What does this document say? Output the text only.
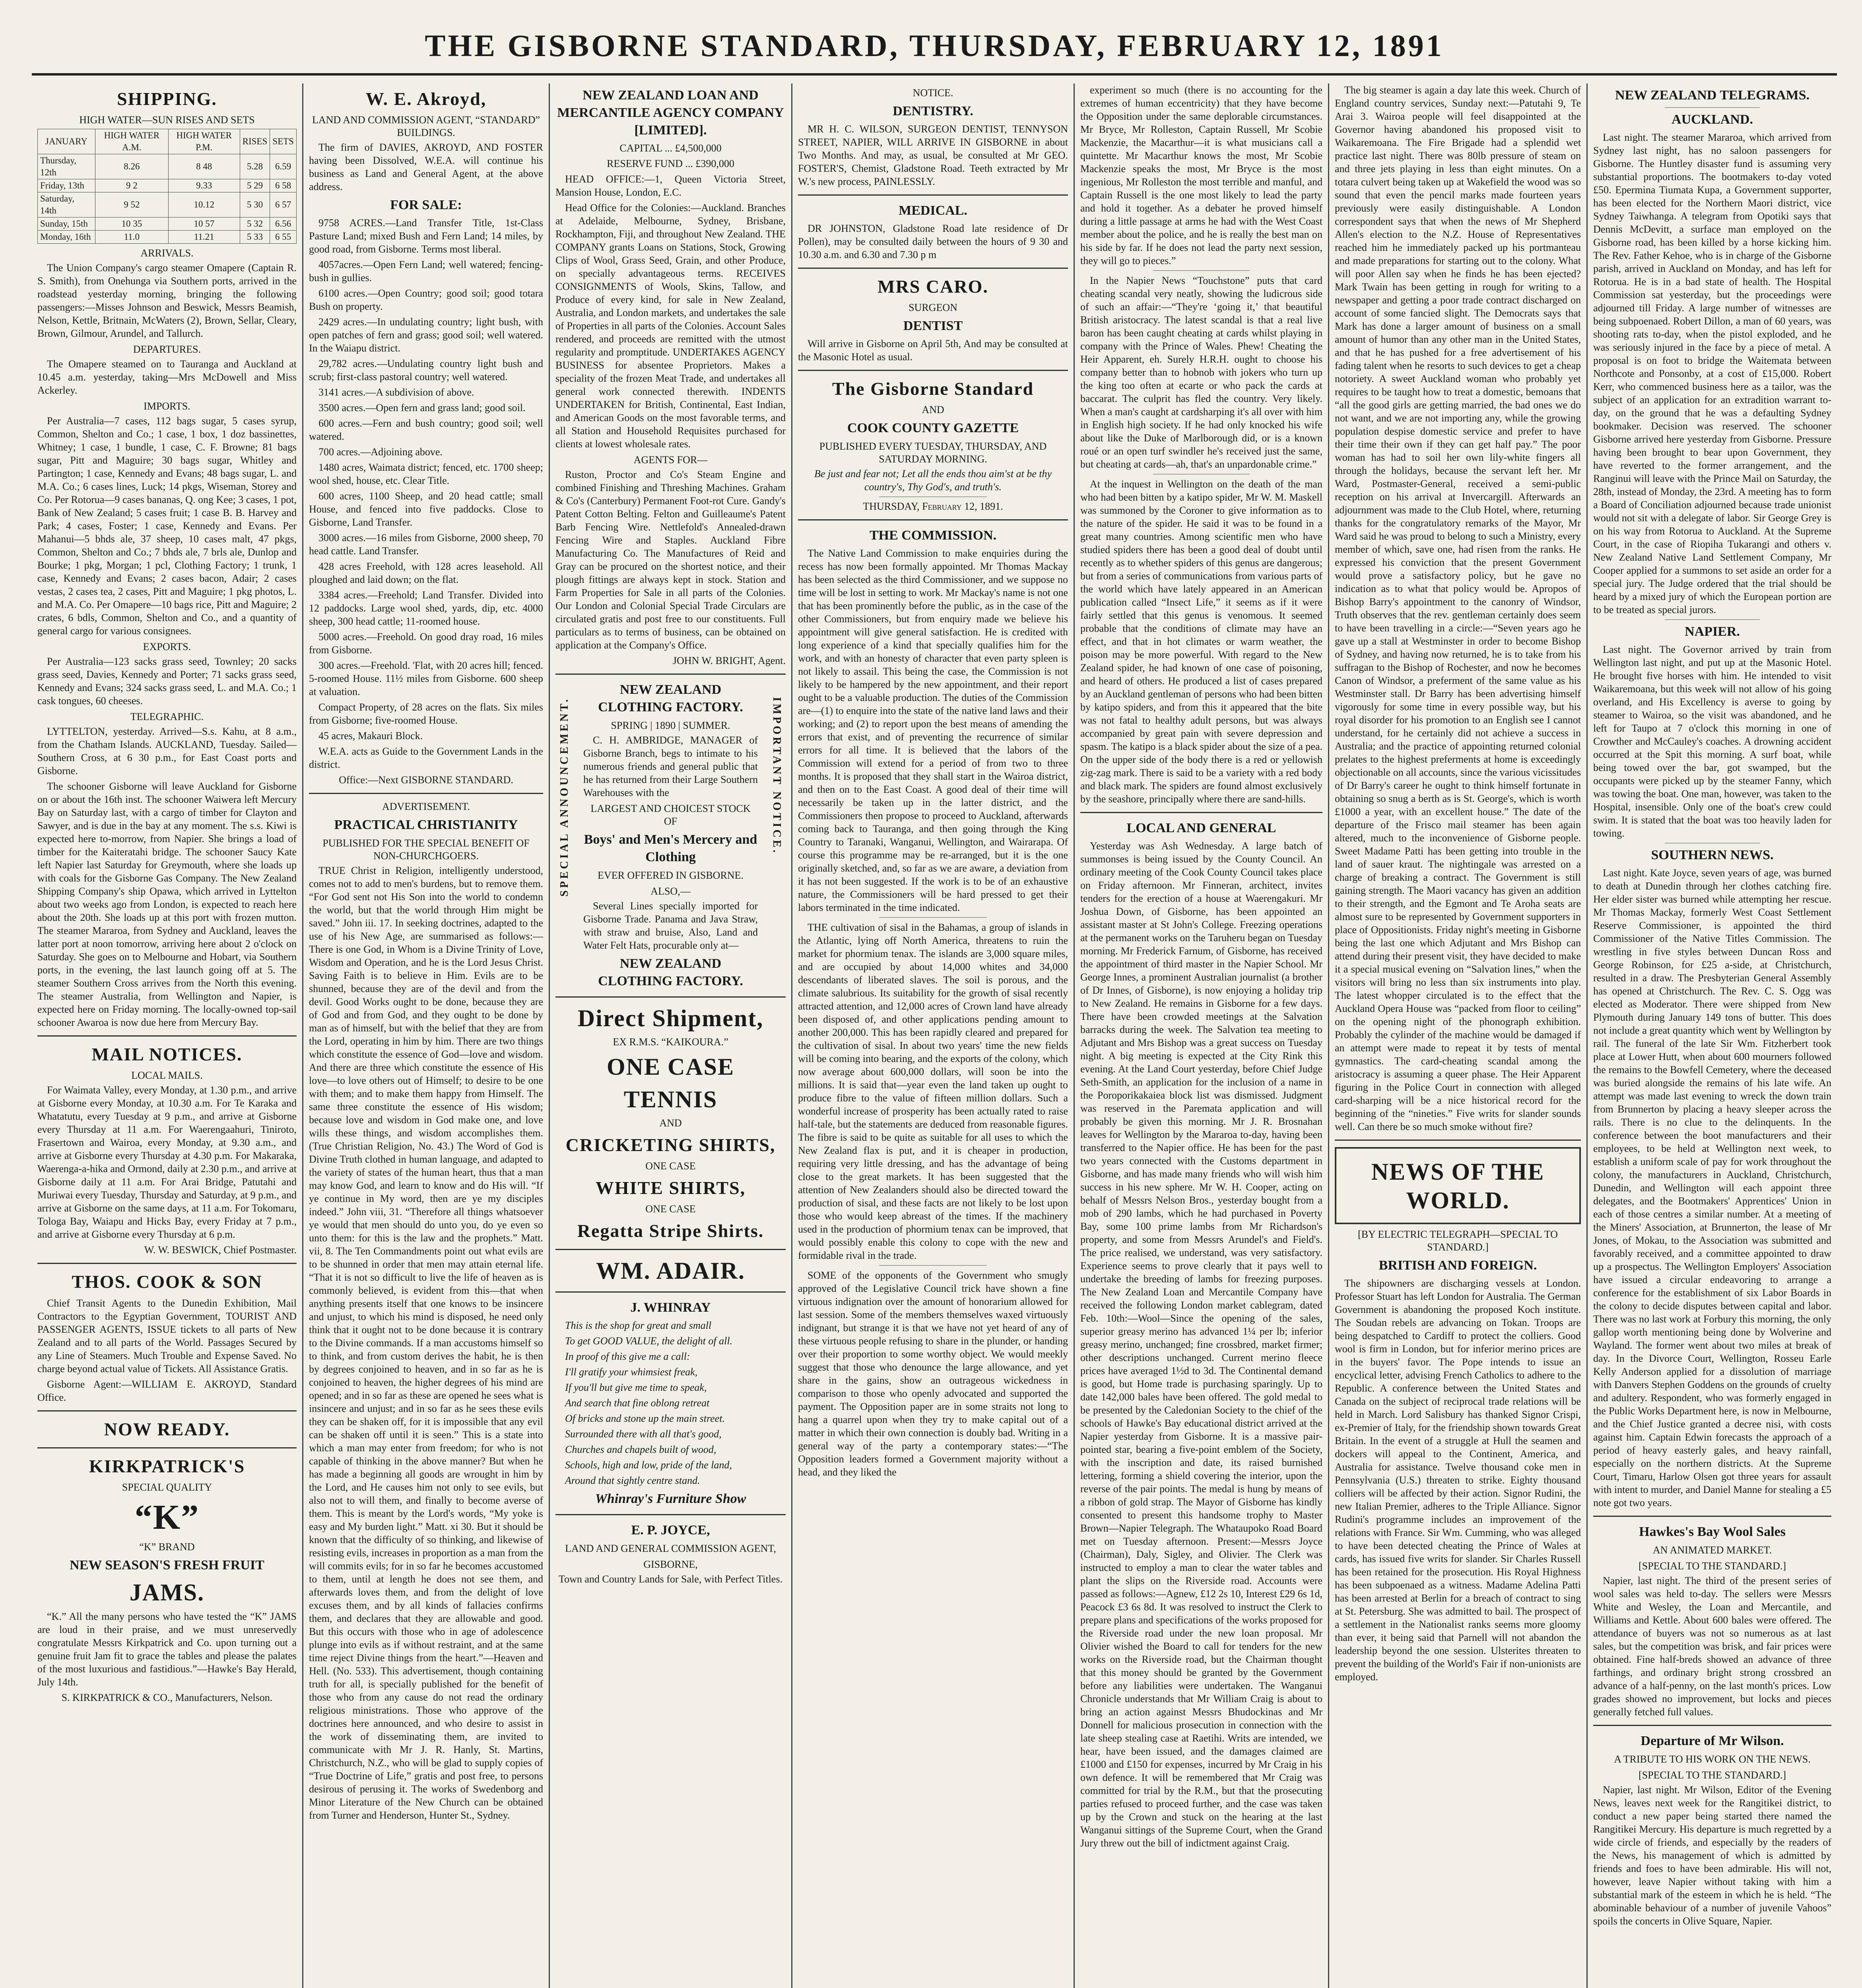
THE GISBORNE STANDARD, THURSDAY, FEBRUARY 12, 1891
SHIPPING.
HIGH WATER—SUN RISES AND SETS
JANUARY	HIGH WATER A.M.	HIGH WATER P.M.	RISES	SETS
Thursday, 12th	8.26	8 48	5.28	6.59
Friday, 13th	9 2	9.33	5 29	6 58
Saturday, 14th	9 52	10.12	5 30	6 57
Sunday, 15th	10 35	10 57	5 32	6.56
Monday, 16th	11.0	11.21	5 33	6 55
ARRIVALS.

The Union Company's cargo steamer Omapere (Captain R. S. Smith), from Onehunga via Southern ports, arrived in the roadstead yesterday morning, bringing the following passengers:—Misses Johnson and Beswick, Messrs Beamish, Nelson, Kettle, Britnain, McWaters (2), Brown, Sellar, Cleary, Brown, Gilmour, Arundel, and Tallurch.

DEPARTURES.

The Omapere steamed on to Tauranga and Auckland at 10.45 a.m. yesterday, taking—Mrs McDowell and Miss Ackerley.

IMPORTS.

Per Australia—7 cases, 112 bags sugar, 5 cases syrup, Common, Shelton and Co.; 1 case, 1 box, 1 doz bassinettes, Whitney; 1 case, 1 bundle, 1 case, C. F. Browne; 81 bags sugar, Pitt and Maguire; 30 bags sugar, Whitley and Partington; 1 case, Kennedy and Evans; 48 bags sugar, L. and M.A. Co.; 6 cases lines, Luck; 14 pkgs, Wiseman, Storey and Co. Per Rotorua—9 cases bananas, Q. ong Kee; 3 cases, 1 pot, Bank of New Zealand; 5 cases fruit; 1 case B. B. Harvey and Park; 4 cases, Foster; 1 case, Kennedy and Evans. Per Mahanui—5 bhds ale, 37 sheep, 10 cases malt, 47 pkgs, Common, Shelton and Co.; 7 bhds ale, 7 brls ale, Dunlop and Bourke; 1 pkg, Morgan; 1 pcl, Clothing Factory; 1 trunk, 1 case, Kennedy and Evans; 2 cases bacon, Adair; 2 cases vestas, 2 cases tea, 2 cases, Pitt and Maguire; 1 pkg photos, L. and M.A. Co. Per Omapere—10 bags rice, Pitt and Maguire; 2 crates, 6 bdls, Common, Shelton and Co., and a quantity of general cargo for various consignees.

EXPORTS.

Per Australia—123 sacks grass seed, Townley; 20 sacks grass seed, Davies, Kennedy and Porter; 71 sacks grass seed, Kennedy and Evans; 324 sacks grass seed, L. and M.A. Co.; 1 cask tongues, 60 cheeses.

TELEGRAPHIC.

LYTTELTON, yesterday. Arrived—S.s. Kahu, at 8 a.m., from the Chatham Islands. AUCKLAND, Tuesday. Sailed—Southern Cross, at 6 30 p.m., for East Coast ports and Gisborne.

The schooner Gisborne will leave Auckland for Gisborne on or about the 16th inst. The schooner Waiwera left Mercury Bay on Saturday last, with a cargo of timber for Clayton and Sawyer, and is due in the bay at any moment. The s.s. Kiwi is expected here to-morrow, from Napier. She brings a load of timber for the Kaiteratahi bridge. The schooner Saucy Kate left Napier last Saturday for Greymouth, where she loads up with coals for the Gisborne Gas Company. The New Zealand Shipping Company's ship Opawa, which arrived in Lyttelton about two weeks ago from London, is expected to reach here about the 20th. She loads up at this port with frozen mutton. The steamer Mararoa, from Sydney and Auckland, leaves the latter port at noon tomorrow, arriving here about 2 o'clock on Saturday. She goes on to Melbourne and Hobart, via Southern ports, in the evening, the last launch going off at 5. The steamer Southern Cross arrives from the North this evening. The steamer Australia, from Wellington and Napier, is expected here on Friday morning. The locally-owned top-sail schooner Awaroa is now due here from Mercury Bay.

MAIL NOTICES.
LOCAL MAILS.

For Waimata Valley, every Monday, at 1.30 p.m., and arrive at Gisborne every Monday, at 10.30 a.m. For Te Karaka and Whatatutu, every Tuesday at 9 p.m., and arrive at Gisborne every Thursday at 11 a.m. For Waerengaahuri, Tiniroto, Frasertown and Wairoa, every Monday, at 9.30 a.m., and arrive at Gisborne every Thursday at 4.30 p.m. For Makaraka, Waerenga-a-hika and Ormond, daily at 2.30 p.m., and arrive at Gisborne daily at 11 a.m. For Arai Bridge, Patutahi and Muriwai every Tuesday, Thursday and Saturday, at 9 p.m., and arrive at Gisborne on the same days, at 11 a.m. For Tokomaru, Tologa Bay, Waiapu and Hicks Bay, every Friday at 7 p.m., and arrive at Gisborne every Thursday at 6 p.m.

W. W. BESWICK, Chief Postmaster.

THOS. COOK & SON

Chief Transit Agents to the Dunedin Exhibition, Mail Contractors to the Egyptian Government, TOURIST AND PASSENGER AGENTS, ISSUE tickets to all parts of New Zealand and to all parts of the World. Passages Secured by any Line of Steamers. Much Trouble and Expense Saved. No charge beyond actual value of Tickets. All Assistance Gratis.

Gisborne Agent:—WILLIAM E. AKROYD, Standard Office.

NOW READY.
KIRKPATRICK'S
SPECIAL QUALITY
“K”
“K” BRAND
NEW SEASON'S FRESH FRUIT
JAMS.

“K.” All the many persons who have tested the “K” JAMS are loud in their praise, and we must unreservedly congratulate Messrs Kirkpatrick and Co. upon turning out a genuine fruit Jam fit to grace the tables and please the palates of the most luxurious and fastidious.”—Hawke's Bay Herald, July 14th.

S. KIRKPATRICK & CO., Manufacturers, Nelson.

W. E. Akroyd,
LAND AND COMMISSION AGENT, “STANDARD” BUILDINGS.

The firm of DAVIES, AKROYD, AND FOSTER having been Dissolved, W.E.A. will continue his business as Land and General Agent, at the above address.

FOR SALE:

9758 ACRES.—Land Transfer Title, 1st-Class Pasture Land; mixed Bush and Fern Land; 14 miles, by good road, from Gisborne. Terms most liberal.

4057acres.—Open Fern Land; well watered; fencing-bush in gullies.

6100 acres.—Open Country; good soil; good totara Bush on property.

2429 acres.—In undulating country; light bush, with open patches of fern and grass; good soil; well watered. In the Waiapu district.

29,782 acres.—Undulating country light bush and scrub; first-class pastoral country; well watered.

3141 acres.—A subdivision of above.

3500 acres.—Open fern and grass land; good soil.

600 acres.—Fern and bush country; good soil; well watered.

700 acres.—Adjoining above.

1480 acres, Waimata district; fenced, etc. 1700 sheep; wool shed, house, etc. Clear Title.

600 acres, 1100 Sheep, and 20 head cattle; small House, and fenced into five paddocks. Close to Gisborne, Land Transfer.

3000 acres.—16 miles from Gisborne, 2000 sheep, 70 head cattle. Land Transfer.

428 acres Freehold, with 128 acres leasehold. All ploughed and laid down; on the flat.

3384 acres.—Freehold; Land Transfer. Divided into 12 paddocks. Large wool shed, yards, dip, etc. 4000 sheep, 300 head cattle; 11-roomed house.

5000 acres.—Freehold. On good dray road, 16 miles from Gisborne.

300 acres.—Freehold. 'Flat, with 20 acres hill; fenced. 5-roomed House. 11½ miles from Gisborne. 600 sheep at valuation.

Compact Property, of 28 acres on the flats. Six miles from Gisborne; five-roomed House.

45 acres, Makauri Block.

W.E.A. acts as Guide to the Government Lands in the district.

Office:—Next GISBORNE STANDARD.

ADVERTISEMENT.
PRACTICAL CHRISTIANITY
PUBLISHED FOR THE SPECIAL BENEFIT OF NON-CHURCHGOERS.

TRUE Christ in Religion, intelligently understood, comes not to add to men's burdens, but to remove them. “For God sent not His Son into the world to condemn the world, but that the world through Him might be saved.” John iii. 17. In seeking doctrines, adapted to the use of his New Age, are summarised as follows:— There is one God, in Whom is a Divine Trinity of Love, Wisdom and Operation, and he is the Lord Jesus Christ. Saving Faith is to believe in Him. Evils are to be shunned, because they are of the devil and from the devil. Good Works ought to be done, because they are of God and from God, and they ought to be done by man as of himself, but with the belief that they are from the Lord, operating in him by him. There are two things which constitute the essence of God—love and wisdom. And there are three which constitute the essence of His love—to love others out of Himself; to desire to be one with them; and to make them happy from Himself. The same three constitute the essence of His wisdom; because love and wisdom in God make one, and love wills these things, and wisdom accomplishes them. (True Christian Religion, No. 43.) The Word of God is Divine Truth clothed in human language, and adapted to the variety of states of the human heart, thus that a man may know God, and learn to know and do His will. “If ye continue in My word, then are ye my disciples indeed.” John viii, 31. “Therefore all things whatsoever ye would that men should do unto you, do ye even so unto them: for this is the law and the prophets.” Matt. vii, 8. The Ten Commandments point out what evils are to be shunned in order that men may attain eternal life. “That it is not so difficult to live the life of heaven as is commonly believed, is evident from this—that when anything presents itself that one knows to be insincere and unjust, to which his mind is disposed, he need only think that it ought not to be done because it is contrary to the Divine commands. If a man accustoms himself so to think, and from custom derives the habit, he is then by degrees conjoined to heaven, and in so far as he is conjoined to heaven, the higher degrees of his mind are opened; and in so far as these are opened he sees what is insincere and unjust; and in so far as he sees these evils they can be shaken off, for it is impossible that any evil can be shaken off until it is seen.” This is a state into which a man may enter from freedom; for who is not capable of thinking in the above manner? But when he has made a beginning all goods are wrought in him by the Lord, and He causes him not only to see evils, but also not to will them, and finally to become averse of them. This is meant by the Lord's words, “My yoke is easy and My burden light.” Matt. xi 30. But it should be known that the difficulty of so thinking, and likewise of resisting evils, increases in proportion as a man from the will commits evils; for in so far he becomes accustomed to them, until at length he does not see them, and afterwards loves them, and from the delight of love excuses them, and by all kinds of fallacies confirms them, and declares that they are allowable and good. But this occurs with those who in age of adolescence plunge into evils as if without restraint, and at the same time reject Divine things from the heart.”—Heaven and Hell. (No. 533). This advertisement, though containing truth for all, is specially published for the benefit of those who from any cause do not read the ordinary religious ministrations. Those who approve of the doctrines here announced, and who desire to assist in the work of disseminating them, are invited to communicate with Mr J. R. Hanly, St. Martins, Christchurch, N.Z., who will be glad to supply copies of “True Doctrine of Life,” gratis and post free, to persons desirous of perusing it. The works of Swedenborg and Minor Literature of the New Church can be obtained from Turner and Henderson, Hunter St., Sydney.

NEW ZEALAND LOAN AND MERCANTILE AGENCY COMPANY [LIMITED].

CAPITAL ... £4,500,000

RESERVE FUND ... £390,000

HEAD OFFICE:—1, Queen Victoria Street, Mansion House, London, E.C.

Head Office for the Colonies:—Auckland. Branches at Adelaide, Melbourne, Sydney, Brisbane, Rockhampton, Fiji, and throughout New Zealand. THE COMPANY grants Loans on Stations, Stock, Growing Clips of Wool, Grass Seed, Grain, and other Produce, on specially advantageous terms. RECEIVES CONSIGNMENTS of Wools, Skins, Tallow, and Produce of every kind, for sale in New Zealand, Australia, and London markets, and undertakes the sale of Properties in all parts of the Colonies. Account Sales rendered, and proceeds are remitted with the utmost regularity and promptitude. UNDERTAKES AGENCY BUSINESS for absentee Proprietors. Makes a speciality of the frozen Meat Trade, and undertakes all general work connected therewith. INDENTS UNDERTAKEN for British, Continental, East Indian, and American Goods on the most favorable terms, and all Station and Household Requisites purchased for clients at lowest wholesale rates.

AGENTS FOR—

Ruston, Proctor and Co's Steam Engine and combined Finishing and Threshing Machines. Graham & Co's (Canterbury) Permanent Foot-rot Cure. Gandy's Patent Cotton Belting. Felton and Guilleaume's Patent Barb Fencing Wire. Nettlefold's Annealed-drawn Fencing Wire and Staples. Auckland Fibre Manufacturing Co. The Manufactures of Reid and Gray can be procured on the shortest notice, and their plough fittings are always kept in stock. Station and Farm Properties for Sale in all parts of the Colonies. Our London and Colonial Special Trade Circulars are circulated gratis and post free to our constituents. Full particulars as to terms of business, can be obtained on application at the Company's Office.

JOHN W. BRIGHT, Agent.

SPECIAL ANNOUNCEMENT.	IMPORTANT NOTICE.
NEW ZEALAND CLOTHING FACTORY.
SPRING | 1890 | SUMMER.

C. H. AMBRIDGE, MANAGER of Gisborne Branch, begs to intimate to his numerous friends and general public that he has returned from their Large Southern Warehouses with the

LARGEST AND CHOICEST STOCK OF
Boys' and Men's Mercery and Clothing
EVER OFFERED IN GISBORNE.
ALSO,—

Several Lines specially imported for Gisborne Trade. Panama and Java Straw, with straw and bruise, Also, Land and Water Felt Hats, procurable only at—

NEW ZEALAND CLOTHING FACTORY.
Direct Shipment,
EX R.M.S. “KAIKOURA.”
ONE CASE
TENNIS
AND
CRICKETING SHIRTS,
ONE CASE
WHITE SHIRTS,
ONE CASE
Regatta Stripe Shirts.
WM. ADAIR.
J. WHINRAY

This is the shop for great and small

To get GOOD VALUE, the delight of all.

In proof of this give me a call:

I'll gratify your whimsiest freak,

If you'll but give me time to speak,

And search that fine oblong retreat

Of bricks and stone up the main street.

Surrounded there with all that's good,

Churches and chapels built of wood,

Schools, high and low, pride of the land,

Around that sightly centre stand.

Whinray's Furniture Show
E. P. JOYCE,
LAND AND GENERAL COMMISSION AGENT,
GISBORNE,

Town and Country Lands for Sale, with Perfect Titles.

NOTICE.
DENTISTRY.

MR H. C. WILSON, SURGEON DENTIST, TENNYSON STREET, NAPIER, WILL ARRIVE IN GISBORNE in about Two Months. And may, as usual, be consulted at Mr GEO. FOSTER'S, Chemist, Gladstone Road. Teeth extracted by Mr W.'s new process, PAINLESSLY.

MEDICAL.

DR JOHNSTON, Gladstone Road late residence of Dr Pollen), may be consulted daily between the hours of 9 30 and 10.30 a.m. and 6.30 and 7.30 p m

MRS CARO.
SURGEON
DENTIST

Will arrive in Gisborne on April 5th, And may be consulted at the Masonic Hotel as usual.

The Gisborne Standard
AND
COOK COUNTY GAZETTE
PUBLISHED EVERY TUESDAY, THURSDAY, AND SATURDAY MORNING.

Be just and fear not; Let all the ends thou aim'st at be thy country's, Thy God's, and truth's.

THURSDAY, February 12, 1891.
THE COMMISSION.

The Native Land Commission to make enquiries during the recess has now been formally appointed. Mr Thomas Mackay has been selected as the third Commissioner, and we suppose no time will be lost in setting to work. Mr Mackay's name is not one that has been prominently before the public, as in the case of the other Commissioners, but from enquiry made we believe his appointment will give general satisfaction. He is credited with long experience of a kind that specially qualifies him for the work, and with an honesty of character that even party spleen is not likely to assail. This being the case, the Commission is not likely to be hampered by the new appointment, and their report ought to be a valuable production. The duties of the Commission are—(1) to enquire into the state of the native land laws and their working; and (2) to report upon the best means of amending the errors that exist, and of preventing the recurrence of similar errors for all time. It is believed that the labors of the Commission will extend for a period of from two to three months. It is proposed that they shall start in the Wairoa district, and then on to the East Coast. A good deal of their time will necessarily be taken up in the latter district, and the Commissioners then propose to proceed to Auckland, afterwards coming back to Tauranga, and then going through the King Country to Taranaki, Wanganui, Wellington, and Wairarapa. Of course this programme may be re-arranged, but it is the one originally sketched, and, so far as we are aware, a deviation from it has not been suggested. If the work is to be of an exhaustive nature, the Commissioners will be hard pressed to get their labors terminated in the time indicated.

THE cultivation of sisal in the Bahamas, a group of islands in the Atlantic, lying off North America, threatens to ruin the market for phormium tenax. The islands are 3,000 square miles, and are occupied by about 14,000 whites and 34,000 descendants of liberated slaves. The soil is porous, and the climate salubrious. Its suitability for the growth of sisal recently attracted attention, and 12,000 acres of Crown land have already been disposed of, and other applications pending amount to another 200,000. This has been rapidly cleared and prepared for the cultivation of sisal. In about two years' time the new fields will be coming into bearing, and the exports of the colony, which now average about 600,000 dollars, will soon be into the millions. It is said that—year even the land taken up ought to produce fibre to the value of fifteen million dollars. Such a wonderful increase of prosperity has been actually rated to raise half-tale, but the statements are deduced from reasonable figures. The fibre is said to be quite as suitable for all uses to which the New Zealand flax is put, and it is cheaper in production, requiring very little dressing, and has the advantage of being close to the great markets. It has been suggested that the attention of New Zealanders should also be directed toward the production of sisal, and these facts are not likely to be lost upon those who would keep abreast of the times. If the machinery used in the production of phormium tenax can be improved, that would possibly enable this colony to cope with the new and formidable rival in the trade.

SOME of the opponents of the Government who smugly approved of the Legislative Council trick have shown a fine virtuous indignation over the amount of honorarium allowed for last session. Some of the members themselves waxed virtuously indignant, but strange it is that we have not yet heard of any of these virtuous people refusing to share in the plunder, or handing over their proportion to some worthy object. We would meekly suggest that those who denounce the large allowance, and yet share in the gains, show an outrageous wickedness in comparison to those who openly advocated and supported the payment. The Opposition paper are in some straits not long to hang a quarrel upon when they try to make capital out of a matter in which their own connection is doubly bad. Writing in a general way of the party a contemporary states:—“The Opposition leaders formed a Government majority without a head, and they liked the

experiment so much (there is no accounting for the extremes of human eccentricity) that they have become the Opposition under the same deplorable circumstances. Mr Bryce, Mr Rolleston, Captain Russell, Mr Scobie Mackenzie, the Macarthur—it is what musicians call a quintette. Mr Macarthur knows the most, Mr Scobie Mackenzie speaks the most, Mr Bryce is the most ingenious, Mr Rolleston the most terrible and manful, and Captain Russell is the one most likely to lead the party and hold it together. As a debater he proved himself during a little passage at arms he had with the West Coast member about the police, and he is really the best man on his side by far. If he does not lead the party next session, they will go to pieces.”

In the Napier News “Touchstone” puts that card cheating scandal very neatly, showing the ludicrous side of such an affair:—“They're ‘going it,’ that beautiful British aristocracy. The latest scandal is that a real live baron has been caught cheating at cards whilst playing in company with the Prince of Wales. Phew! Cheating the Heir Apparent, eh. Surely H.R.H. ought to choose his company better than to hobnob with jokers who turn up the king too often at ecarte or who pack the cards at baccarat. The culprit has fled the country. Very likely. When a man's caught at cardsharping it's all over with him in English high society. If he had only knocked his wife about like the Duke of Marlborough did, or is a known roué or an open turf swindler he's received just the same, but cheating at cards—ah, that's an unpardonable crime.”

At the inquest in Wellington on the death of the man who had been bitten by a katipo spider, Mr W. M. Maskell was summoned by the Coroner to give information as to the nature of the spider. He said it was to be found in a great many countries. Among scientific men who have studied spiders there has been a good deal of doubt until recently as to whether spiders of this genus are dangerous; but from a series of communications from various parts of the world which have lately appeared in an American publication called “Insect Life,” it seems as if it were fairly settled that this genus is venomous. It seemed probable that the conditions of climate may have an effect, and that in hot climates or warm weather, the poison may be more powerful. With regard to the New Zealand spider, he had known of one case of poisoning, and heard of others. He produced a list of cases prepared by an Auckland gentleman of persons who had been bitten by katipo spiders, and from this it appeared that the bite was not fatal to healthy adult persons, but was always accompanied by great pain with severe depression and spasm. The katipo is a black spider about the size of a pea. On the upper side of the body there is a red or yellowish zig-zag mark. There is said to be a variety with a red body and black mark. The spiders are found almost exclusively by the seashore, principally where there are sand-hills.

LOCAL AND GENERAL

Yesterday was Ash Wednesday. A large batch of summonses is being issued by the County Council. An ordinary meeting of the Cook County Council takes place on Friday afternoon. Mr Finneran, architect, invites tenders for the erection of a house at Waerengakuri. Mr Joshua Down, of Gisborne, has been appointed an assistant master at St John's College. Freezing operations at the permanent works on the Taruheru began on Tuesday morning. Mr Frederick Farnum, of Gisborne, has received the appointment of third master in the Napier School. Mr George Innes, a prominent Australian journalist (a brother of Dr Innes, of Gisborne), is now enjoying a holiday trip to New Zealand. He remains in Gisborne for a few days. There have been crowded meetings at the Salvation barracks during the week. The Salvation tea meeting to Adjutant and Mrs Bishop was a great success on Tuesday night. A big meeting is expected at the City Rink this evening. At the Land Court yesterday, before Chief Judge Seth-Smith, an application for the inclusion of a name in the Poroporikakaiea block list was dismissed. Judgment was reserved in the Paremata application and will probably be given this morning. Mr J. R. Brosnahan leaves for Wellington by the Mararoa to-day, having been transferred to the Napier office. He has been for the past two years connected with the Customs department in Gisborne, and has made many friends who will wish him success in his new sphere. Mr W. H. Cooper, acting on behalf of Messrs Nelson Bros., yesterday bought from a mob of 290 lambs, which he had purchased in Poverty Bay, some 100 prime lambs from Mr Richardson's property, and some from Messrs Arundel's and Field's. The price realised, we understand, was very satisfactory. Experience seems to prove clearly that it pays well to undertake the breeding of lambs for freezing purposes. The New Zealand Loan and Mercantile Company have received the following London market cablegram, dated Feb. 10th:—Wool—Since the opening of the sales, superior greasy merino has advanced 1¼ per lb; inferior greasy merino, unchanged; fine crossbred, market firmer; other descriptions unchanged. Current merino fleece prices have averaged 1½d to 3d. The Continental demand is good, but Home trade is purchasing sparingly. Up to date 142,000 bales have been offered. The gold medal to be presented by the Caledonian Society to the chief of the schools of Hawke's Bay educational district arrived at the Napier yesterday from Gisborne. It is a massive pair-pointed star, bearing a five-point emblem of the Society, with the inscription and date, its raised burnished lettering, forming a shield covering the interior, upon the reverse of the pair points. The medal is hung by means of a ribbon of gold strap. The Mayor of Gisborne has kindly consented to present this handsome trophy to Master Brown—Napier Telegraph. The Whataupoko Road Board met on Tuesday afternoon. Present:—Messrs Joyce (Chairman), Daly, Sigley, and Olivier. The Clerk was instructed to employ a man to clear the water tables and plant the slips on the Riverside road. Accounts were passed as follows:—Agnew, £12 2s 10, Interest £29 6s 1d, Peacock £3 6s 8d. It was resolved to instruct the Clerk to prepare plans and specifications of the works proposed for the Riverside road under the new loan proposal. Mr Olivier wished the Board to call for tenders for the new works on the Riverside road, but the Chairman thought that this money should be granted by the Government before any liabilities were undertaken. The Wanganui Chronicle understands that Mr William Craig is about to bring an action against Messrs Bhudockinas and Mr Donnell for malicious prosecution in connection with the late sheep stealing case at Raetihi. Writs are intended, we hear, have been issued, and the damages claimed are £1000 and £150 for expenses, incurred by Mr Craig in his own defence. It will be remembered that Mr Craig was committed for trial by the R.M., but that the prosecuting parties refused to proceed further, and the case was taken up by the Crown and stuck on the hearing at the last Wanganui sittings of the Supreme Court, when the Grand Jury threw out the bill of indictment against Craig.

The big steamer is again a day late this week. Church of England country services, Sunday next:—Patutahi 9, Te Arai 3. Wairoa people will feel disappointed at the Governor having abandoned his proposed visit to Waikaremoana. The Fire Brigade had a splendid wet practice last night. There was 80lb pressure of steam on and three jets playing in less than eight minutes. On a totara culvert being taken up at Wakefield the wood was so sound that even the pencil marks made fourteen years previously were easily distinguishable. A London correspondent says that when the news of Mr Shepherd Allen's election to the N.Z. House of Representatives reached him he immediately packed up his portmanteau and made preparations for starting out to the colony. What will poor Allen say when he finds he has been ejected? Mark Twain has been getting in rough for writing to a newspaper and getting a poor trade contract discharged on account of some fancied slight. The Democrats says that Mark has done a larger amount of business on a small amount of humor than any other man in the United States, and that he has pushed for a free advertisement of his fading talent when he resorts to such devices to get a cheap notoriety. A sweet Auckland woman who probably yet requires to be taught how to treat a domestic, bemoans that “all the good girls are getting married, the bad ones we do not want, and we are not importing any, while the growing population despise domestic service and prefer to have their time their own if they can get half pay.” The poor woman has had to soil her own lily-white fingers all through the holidays, because the servant left her. Mr Ward, Postmaster-General, received a semi-public reception on his arrival at Invercargill. Afterwards an adjournment was made to the Club Hotel, where, returning thanks for the congratulatory remarks of the Mayor, Mr Ward said he was proud to belong to such a Ministry, every member of which, save one, had risen from the ranks. He expressed his conviction that the present Government would prove a satisfactory policy, but he gave no indication as to what that policy would be. Apropos of Bishop Barry's appointment to the canonry of Windsor, Truth observes that the rev. gentleman certainly does seem to have been travelling in a circle:—“Seven years ago he gave up a stall at Westminster in order to become Bishop of Sydney, and having now returned, he is to take from his suffragan to the Bishop of Rochester, and now he becomes Canon of Windsor, a preferment of the same value as his Westminster stall. Dr Barry has been advertising himself vigorously for some time in every possible way, but his royal disorder for his promotion to an English see I cannot understand, for he certainly did not achieve a success in Australia; and the practice of appointing returned colonial prelates to the highest preferments at home is exceedingly objectionable on all accounts, since the various vicissitudes of Dr Barry's career he ought to think himself fortunate in obtaining so snug a berth as is St. George's, which is worth £1000 a year, with an excellent house.” The date of the departure of the Frisco mail steamer has been again altered, much to the inconvenience of Gisborne people. Sweet Madame Patti has been getting into trouble in the land of sauer kraut. The nightingale was arrested on a charge of breaking a contract. The Government is still gaining strength. The Maori vacancy has given an addition to their strength, and the Egmont and Te Aroha seats are almost sure to be represented by Government supporters in place of Oppositionists. Friday night's meeting in Gisborne being the last one which Adjutant and Mrs Bishop can attend during their present visit, they have decided to make it a special musical evening on “Salvation lines,” when the visitors will bring no less than six instruments into play. The latest whopper circulated is to the effect that the Auckland Opera House was “packed from floor to ceiling” on the opening night of the phonograph exhibition. Probably the cylinder of the machine would be damaged if an attempt were made to repeat it by tests of mental gymnastics. The card-cheating scandal among the aristocracy is assuming a queer phase. The Heir Apparent figuring in the Police Court in connection with alleged card-sharping will be a nice historical record for the beginning of the “nineties.” Five writs for slander sounds well. Can there be so much smoke without fire?

NEWS OF THE WORLD.
[BY ELECTRIC TELEGRAPH—SPECIAL TO STANDARD.]
BRITISH AND FOREIGN.

The shipowners are discharging vessels at London. Professor Stuart has left London for Australia. The German Government is abandoning the proposed Koch institute. The Soudan rebels are advancing on Tokan. Troops are being despatched to Cardiff to protect the colliers. Good wool is firm in London, but for inferior merino prices are in the buyers' favor. The Pope intends to issue an encyclical letter, advising French Catholics to adhere to the Republic. A conference between the United States and Canada on the subject of reciprocal trade relations will be held in March. Lord Salisbury has thanked Signor Crispi, ex-Premier of Italy, for the friendship shown towards Great Britain. In the event of a struggle at Hull the seamen and dockers will appeal to the Continent, America, and Australia for assistance. Twelve thousand coke men in Pennsylvania (U.S.) threaten to strike. Eighty thousand colliers will be affected by their action. Signor Rudini, the new Italian Premier, adheres to the Triple Alliance. Signor Rudini's programme includes an improvement of the relations with France. Sir Wm. Cumming, who was alleged to have been detected cheating the Prince of Wales at cards, has issued five writs for slander. Sir Charles Russell has been retained for the prosecution. His Royal Highness has been subpoenaed as a witness. Madame Adelina Patti has been arrested at Berlin for a breach of contract to sing at St. Petersburg. She was admitted to bail. The prospect of a settlement in the Nationalist ranks seems more gloomy than ever, it being said that Parnell will not abandon the leadership beyond the one session. Ulsterites threaten to prevent the building of the World's Fair if non-unionists are employed.

NEW ZEALAND TELEGRAMS.
AUCKLAND.

Last night. The steamer Mararoa, which arrived from Sydney last night, has no saloon passengers for Gisborne. The Huntley disaster fund is assuming very substantial proportions. The bootmakers to-day voted £50. Epermina Tiumata Kupa, a Government supporter, has been elected for the Northern Maori district, vice Sydney Taiwhanga. A telegram from Opotiki says that Dennis McDevitt, a surface man employed on the Gisborne road, has been killed by a horse kicking him. The Rev. Father Kehoe, who is in charge of the Gisborne parish, arrived in Auckland on Monday, and has left for Rotorua. He is in a bad state of health. The Hospital Commission sat yesterday, but the proceedings were adjourned till Friday. A large number of witnesses are being subpoenaed. Robert Dillon, a man of 60 years, was shooting rats to-day, when the pistol exploded, and he was seriously injured in the face by a piece of metal. A proposal is on foot to bridge the Waitemata between Northcote and Ponsonby, at a cost of £15,000. Robert Kerr, who commenced business here as a tailor, was the subject of an application for an extradition warrant to-day, on the ground that he was a defaulting Sydney bookmaker. Decision was reserved. The schooner Gisborne arrived here yesterday from Gisborne. Pressure having been brought to bear upon Government, they have reverted to the former arrangement, and the Ranginui will leave with the Prince Mail on Saturday, the 28th, instead of Monday, the 23rd. A meeting has to form a Board of Conciliation adjourned because trade unionist would not sit with a delegate of labor. Sir George Grey is on his way from Rotorua to Auckland. At the Supreme Court, in the case of Riopiha Tukarangi and others v. New Zealand Native Land Settlement Company, Mr Cooper applied for a summons to set aside an order for a special jury. The Judge ordered that the trial should be heard by a mixed jury of which the European portion are to be treated as special jurors.

NAPIER.

Last night. The Governor arrived by train from Wellington last night, and put up at the Masonic Hotel. He brought five horses with him. He intended to visit Waikaremoana, but this week will not allow of his going overland, and His Excellency is averse to going by steamer to Wairoa, so the visit was abandoned, and he left for Taupo at 7 o'clock this morning in one of Crowther and McCauley's coaches. A drowning accident occurred at the Spit this morning. A surf boat, while being towed over the bar, got swamped, but the occupants were picked up by the steamer Fanny, which was towing the boat. One man, however, was taken to the Hospital, insensible. Only one of the boat's crew could swim. It is stated that the boat was too heavily laden for towing.

SOUTHERN NEWS.

Last night. Kate Joyce, seven years of age, was burned to death at Dunedin through her clothes catching fire. Her elder sister was burned while attempting her rescue. Mr Thomas Mackay, formerly West Coast Settlement Reserve Commissioner, is appointed the third Commissioner of the Native Titles Commission. The wrestling in five styles between Duncan Ross and George Robinson, for £25 a-side, at Christchurch, resulted in a draw. The Presbyterian General Assembly has opened at Christchurch. The Rev. C. S. Ogg was elected as Moderator. There were shipped from New Plymouth during January 149 tons of butter. This does not include a great quantity which went by Wellington by rail. The funeral of the late Sir Wm. Fitzherbert took place at Lower Hutt, when about 600 mourners followed the remains to the Bowfell Cemetery, where the deceased was buried alongside the remains of his late wife. An attempt was made last evening to wreck the down train from Brunnerton by placing a heavy sleeper across the rails. There is no clue to the delinquents. In the conference between the boot manufacturers and their employees, to be held at Wellington next week, to establish a uniform scale of pay for work throughout the colony, the manufacturers in Auckland, Christchurch, Dunedin, and Wellington will each appoint three delegates, and the Bootmakers' Apprentices' Union in each of those centres a similar number. At a meeting of the Miners' Association, at Brunnerton, the lease of Mr Jones, of Mokau, to the Association was submitted and favorably received, and a committee appointed to draw up a prospectus. The Wellington Employers' Association have issued a circular endeavoring to arrange a conference for the establishment of six Labor Boards in the colony to decide disputes between capital and labor. There was no last work at Forbury this morning, the only gallop worth mentioning being done by Wolverine and Wayland. The former went about two miles at break of day. In the Divorce Court, Wellington, Rosseu Earle Kelly Anderson applied for a dissolution of marriage with Danvers Stephen Goddens on the grounds of cruelty and adultery. Respondent, who was formerly engaged in the Public Works Department here, is now in Melbourne, and the Chief Justice granted a decree nisi, with costs against him. Captain Edwin forecasts the approach of a period of heavy easterly gales, and heavy rainfall, especially on the northern districts. At the Supreme Court, Timaru, Harlow Olsen got three years for assault with intent to murder, and Daniel Manne for stealing a £5 note got two years.

Hawkes's Bay Wool Sales
AN ANIMATED MARKET.
[SPECIAL TO THE STANDARD.]

Napier, last night. The third of the present series of wool sales was held to-day. The sellers were Messrs White and Wesley, the Loan and Mercantile, and Williams and Kettle. About 600 bales were offered. The attendance of buyers was not so numerous as at last sales, but the competition was brisk, and fair prices were obtained. Fine half-breds showed an advance of three farthings, and ordinary bright strong crossbred an advance of a half-penny, on the last month's prices. Low grades showed no improvement, but locks and pieces generally fetched full values.

Departure of Mr Wilson.
A TRIBUTE TO HIS WORK ON THE NEWS.
[SPECIAL TO THE STANDARD.]

Napier, last night. Mr Wilson, Editor of the Evening News, leaves next week for the Rangitikei district, to conduct a new paper being started there named the Rangitikei Mercury. His departure is much regretted by a wide circle of friends, and especially by the readers of the News, his management of which is admitted by friends and foes to have been admirable. His will not, however, leave Napier without taking with him a substantial mark of the esteem in which he is held. “The abominable behaviour of a number of juvenile Vahoos” spoils the concerts in Olive Square, Napier.
